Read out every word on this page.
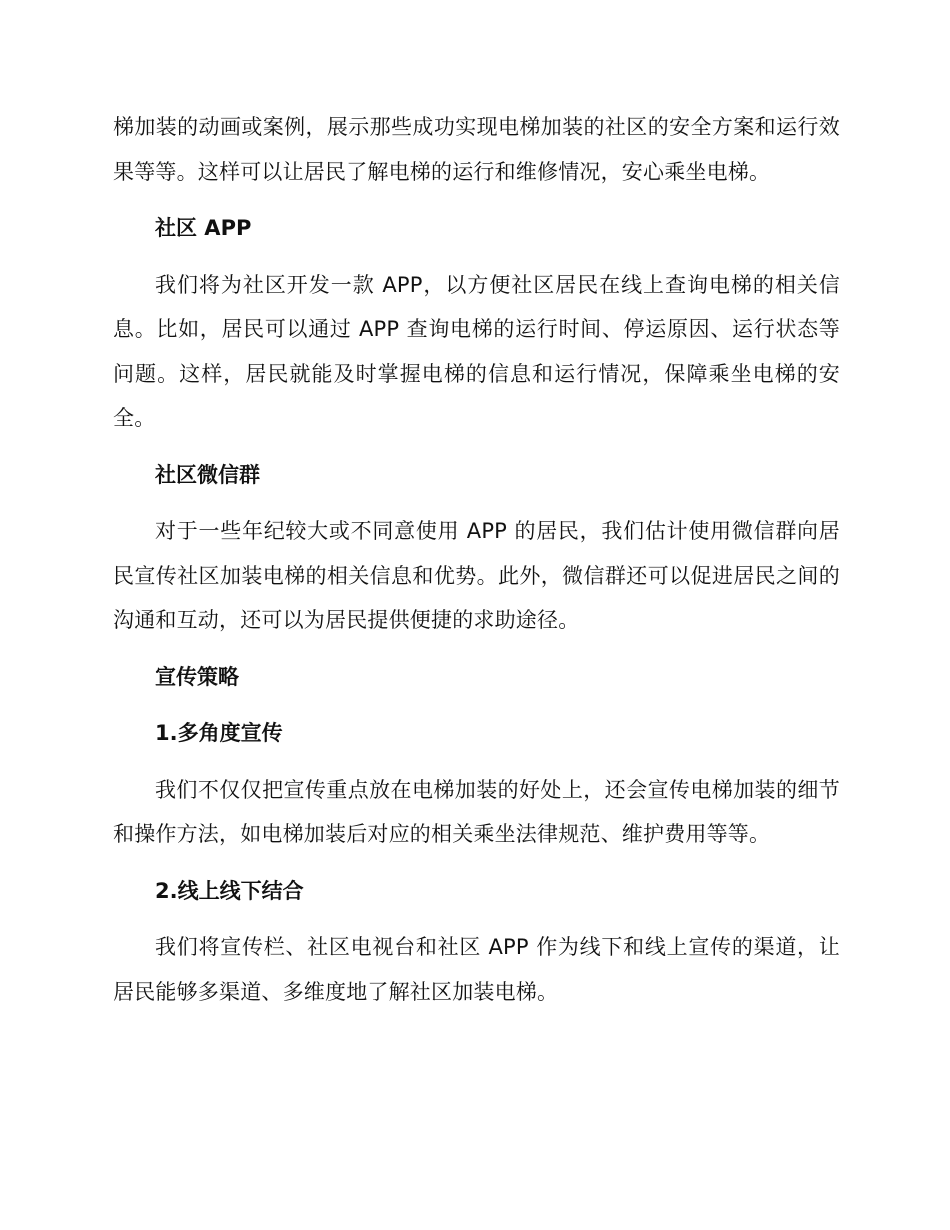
梯加装的动画或案例，展示那些成功实现电梯加装的社区的安全方案和运行效果等等。这样可以让居民了解电梯的运行和维修情况，安心乘坐电梯。

社区 APP

我们将为社区开发一款 APP，以方便社区居民在线上查询电梯的相关信息。比如，居民可以通过 APP 查询电梯的运行时间、停运原因、运行状态等问题。这样，居民就能及时掌握电梯的信息和运行情况，保障乘坐电梯的安全。

社区微信群

对于一些年纪较大或不同意使用 APP 的居民，我们估计使用微信群向居民宣传社区加装电梯的相关信息和优势。此外，微信群还可以促进居民之间的沟通和互动，还可以为居民提供便捷的求助途径。

宣传策略

1.多角度宣传

我们不仅仅把宣传重点放在电梯加装的好处上，还会宣传电梯加装的细节和操作方法，如电梯加装后对应的相关乘坐法律规范、维护费用等等。

2.线上线下结合

我们将宣传栏、社区电视台和社区 APP 作为线下和线上宣传的渠道，让居民能够多渠道、多维度地了解社区加装电梯。
